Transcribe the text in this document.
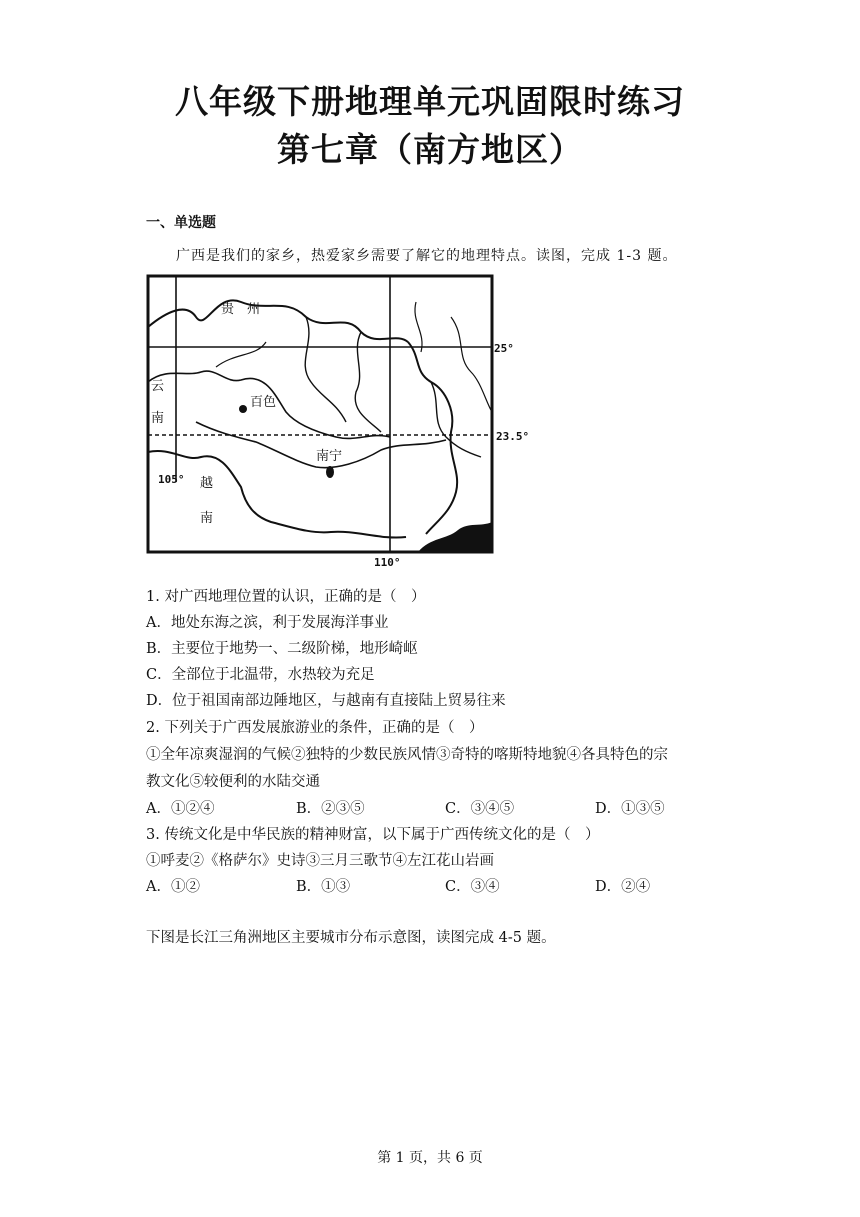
八年级下册地理单元巩固限时练习
第七章（南方地区）
一、单选题
广西是我们的家乡，热爱家乡需要了解它的地理特点。读图，完成 1-3 题。
贵　州
云
南
百色
南宁
越
南
25°
23.5°
105°
110°
1. 对广西地理位置的认识，正确的是（　）
A．地处东海之滨，利于发展海洋事业
B．主要位于地势一、二级阶梯，地形崎岖
C．全部位于北温带，水热较为充足
D．位于祖国南部边陲地区，与越南有直接陆上贸易往来
2. 下列关于广西发展旅游业的条件，正确的是（　）
①全年凉爽湿润的气候②独特的少数民族风情③奇特的喀斯特地貌④各具特色的宗
教文化⑤较便利的水陆交通
A．①②④	B．②③⑤	C．③④⑤	D．①③⑤
3. 传统文化是中华民族的精神财富，以下属于广西传统文化的是（　）
①呼麦②《格萨尔》史诗③三月三歌节④左江花山岩画
A．①②	B．①③	C．③④	D．②④
下图是长江三角洲地区主要城市分布示意图，读图完成 4-5 题。
第 1 页，共 6 页
